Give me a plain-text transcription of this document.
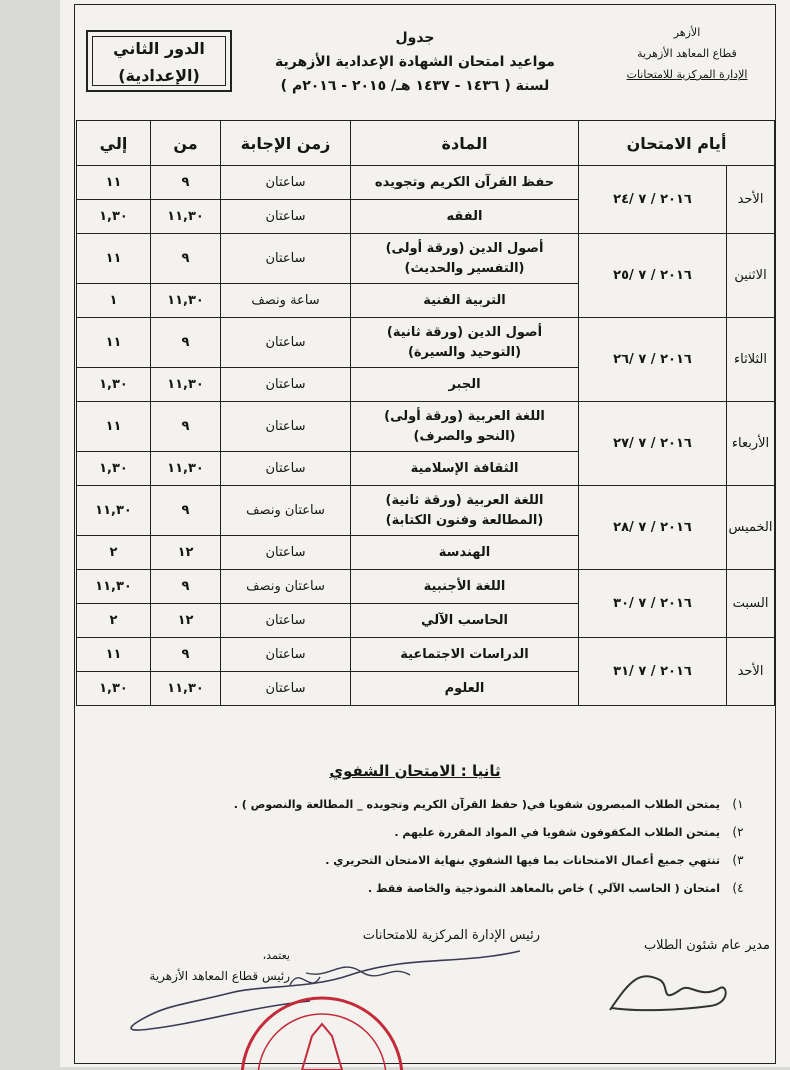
الأزهر
قطاع المعاهد الأزهرية
الإدارة المركزية للامتحانات
جدول
مواعيد امتحان الشهادة الإعدادية الأزهرية
لسنة ( ١٤٣٦ - ١٤٣٧ هـ/ ٢٠١٥ - ٢٠١٦م )
الدور الثاني
(الإعدادية)
أيام الامتحان		المادة	زمن الإجابة	من	إلي
الأحد	٢٠١٦ / ٧ /٢٤	حفظ القرآن الكريم وتجويده	ساعتان	٩	١١

		الفقه	ساعتان	١١,٣٠	١,٣٠
الاثنين	٢٠١٦ / ٧ /٢٥	أصول الدين (ورقة أولى)
(التفسير والحديث)	ساعتان	٩	١١

		التربية الفنية	ساعة ونصف	١١,٣٠	١
الثلاثاء	٢٠١٦ / ٧ /٢٦	أصول الدين (ورقة ثانية)
(التوحيد والسيرة)	ساعتان	٩	١١

		الجبر	ساعتان	١١,٣٠	١,٣٠
الأربعاء	٢٠١٦ / ٧ /٢٧	اللغة العربية (ورقة أولى)
(النحو والصرف)	ساعتان	٩	١١

		الثقافة الإسلامية	ساعتان	١١,٣٠	١,٣٠
الخميس	٢٠١٦ / ٧ /٢٨	اللغة العربية (ورقة ثانية)
(المطالعة وفنون الكتابة)	ساعتان ونصف	٩	١١,٣٠

		الهندسة	ساعتان	١٢	٢
السبت	٢٠١٦ / ٧ /٣٠	اللغة الأجنبية	ساعتان ونصف	٩	١١,٣٠

		الحاسب الآلي	ساعتان	١٢	٢
الأحد	٢٠١٦ / ٧ /٣١	الدراسات الاجتماعية	ساعتان	٩	١١

		العلوم	ساعتان	١١,٣٠	١,٣٠
ثانيا : الامتحان الشفوي
١)
يمتحن الطلاب المبصرون شفويا في( حفظ القرآن الكريم وتجويده _ المطالعة والنصوص ) .
٢)
يمتحن الطلاب المكفوفون شفويا في المواد المقررة عليهم .
٣)
تنتهي جميع أعمال الامتحانات بما فيها الشفوي بنهاية الامتحان التحريري .
٤)
امتحان ( الحاسب الآلي ) خاص بالمعاهد النموذجية والخاصة فقط .
رئيس الإدارة المركزية للامتحانات
يعتمد،
رئيس قطاع المعاهد الأزهرية
مدير عام شئون الطلاب
